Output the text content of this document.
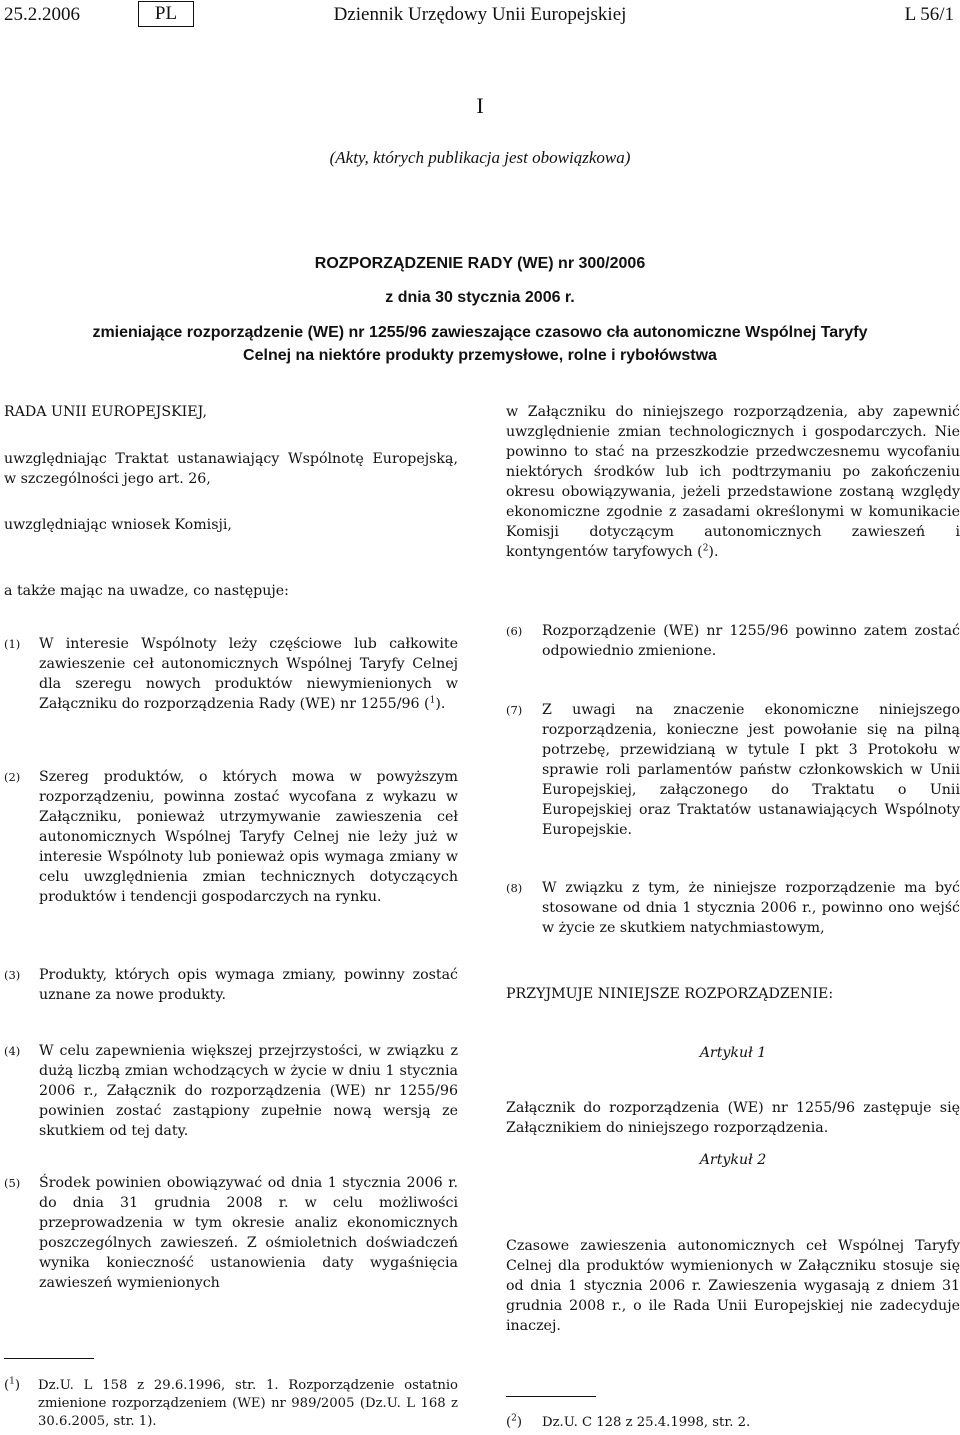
Dziennik Urzędowy Unii Europejskiej
25.2.2006	PL	L 56/1
I
(Akty, których publikacja jest obowiązkowa)
ROZPORZĄDZENIE RADY (WE) nr 300/2006
z dnia 30 stycznia 2006 r.
zmieniające rozporządzenie (WE) nr 1255/96 zawieszające czasowo cła autonomiczne Wspólnej Taryfy Celnej na niektóre produkty przemysłowe, rolne i rybołówstwa
RADA UNII EUROPEJSKIEJ,
uwzględniając Traktat ustanawiający Wspólnotę Europejską, w szczególności jego art. 26,
uwzględniając wniosek Komisji,
a także mając na uwadze, co następuje:
(1) W interesie Wspólnoty leży częściowe lub całkowite zawieszenie ceł autonomicznych Wspólnej Taryfy Celnej dla szeregu nowych produktów niewymienionych w Załączniku do rozporządzenia Rady (WE) nr 1255/96 ($^1$).
(2) Szereg produktów, o których mowa w powyższym rozporządzeniu, powinna zostać wycofana z wykazu w Załączniku, ponieważ utrzymywanie zawieszenia ceł autonomicznych Wspólnej Taryfy Celnej nie leży już w interesie Wspólnoty lub ponieważ opis wymaga zmiany w celu uwzględnienia zmian technicznych dotyczących produktów i tendencji gospodarczych na rynku.
(3) Produkty, których opis wymaga zmiany, powinny zostać uznane za nowe produkty.
(4) W celu zapewnienia większej przejrzystości, w związku z dużą liczbą zmian wchodzących w życie w dniu 1 stycznia 2006 r., Załącznik do rozporządzenia (WE) nr 1255/96 powinien zostać zastąpiony zupełnie nową wersją ze skutkiem od tej daty.
(5) Środek powinien obowiązywać od dnia 1 stycznia 2006 r. do dnia 31 grudnia 2008 r. w celu możliwości przeprowadzenia w tym okresie analiz ekonomicznych poszczególnych zawieszeń. Z ośmioletnich doświadczeń wynika konieczność ustanowienia daty wygaśnięcia zawieszeń wymienionych
w Załączniku do niniejszego rozporządzenia, aby zapewnić uwzględnienie zmian technologicznych i gospodarczych. Nie powinno to stać na przeszkodzie przedwczesnemu wycofaniu niektórych środków lub ich podtrzymaniu po zakończeniu okresu obowiązywania, jeżeli przedstawione zostaną względy ekonomiczne zgodnie z zasadami określonymi w komunikacie Komisji dotyczącym autonomicznych zawieszeń i kontyngentów taryfowych ($^2$).
(6) Rozporządzenie (WE) nr 1255/96 powinno zatem zostać odpowiednio zmienione.
(7) Z uwagi na znaczenie ekonomiczne niniejszego rozporządzenia, konieczne jest powołanie się na pilną potrzebę, przewidzianą w tytule I pkt 3 Protokołu w sprawie roli parlamentów państw członkowskich w Unii Europejskiej, załączonego do Traktatu o Unii Europejskiej oraz Traktatów ustanawiających Wspólnoty Europejskie.
(8) W związku z tym, że niniejsze rozporządzenie ma być stosowane od dnia 1 stycznia 2006 r., powinno ono wejść w życie ze skutkiem natychmiastowym,
PRZYJMUJE NINIEJSZE ROZPORZĄDZENIE:
Artykuł 1
Załącznik do rozporządzenia (WE) nr 1255/96 zastępuje się Załącznikiem do niniejszego rozporządzenia.
Artykuł 2
Czasowe zawieszenia autonomicznych ceł Wspólnej Taryfy Celnej dla produktów wymienionych w Załączniku stosuje się od dnia 1 stycznia 2006 r. Zawieszenia wygasają z dniem 31 grudnia 2008 r., o ile Rada Unii Europejskiej nie zadecyduje inaczej.
($^1$) Dz.U. L 158 z 29.6.1996, str. 1. Rozporządzenie ostatnio zmienione rozporządzeniem (WE) nr 989/2005 (Dz.U. L 168 z 30.6.2005, str. 1).	($^2$) Dz.U. C 128 z 25.4.1998, str. 2.
